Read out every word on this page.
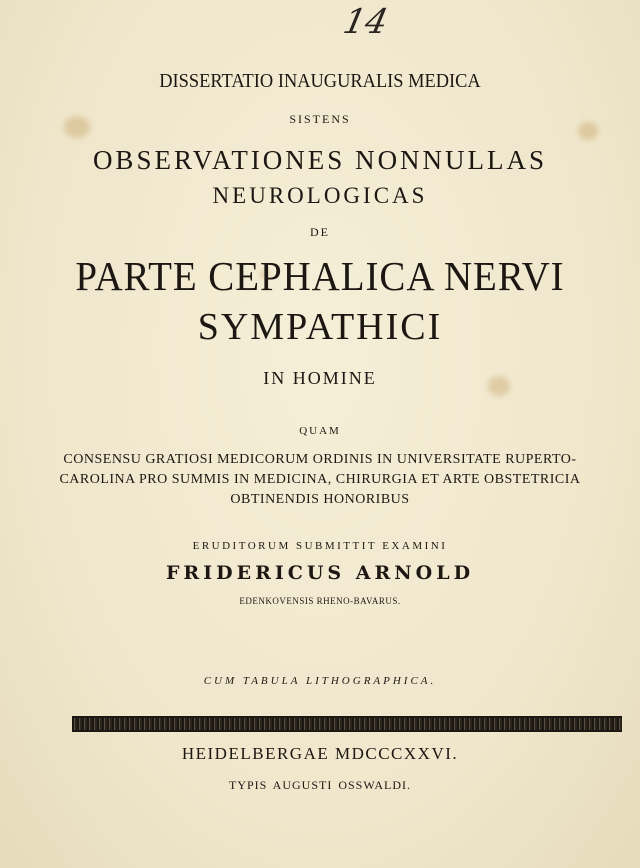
14
DISSERTATIO INAUGURALIS MEDICA
SISTENS
OBSERVATIONES NONNULLAS
NEUROLOGICAS
DE
PARTE CEPHALICA NERVI
SYMPATHICI
IN HOMINE
QUAM
CONSENSU GRATIOSI MEDICORUM ORDINIS IN UNIVERSITATE RUPERTO-
CAROLINA PRO SUMMIS IN MEDICINA, CHIRURGIA ET ARTE OBSTETRICIA
OBTINENDIS HONORIBUS
ERUDITORUM SUBMITTIT EXAMINI
FRIDERICUS ARNOLD
EDENKOVENSIS RHENO-BAVARUS.
CUM TABULA LITHOGRAPHICA.
HEIDELBERGAE MDCCCXXVI.
TYPIS AUGUSTI OSSWALDI.
